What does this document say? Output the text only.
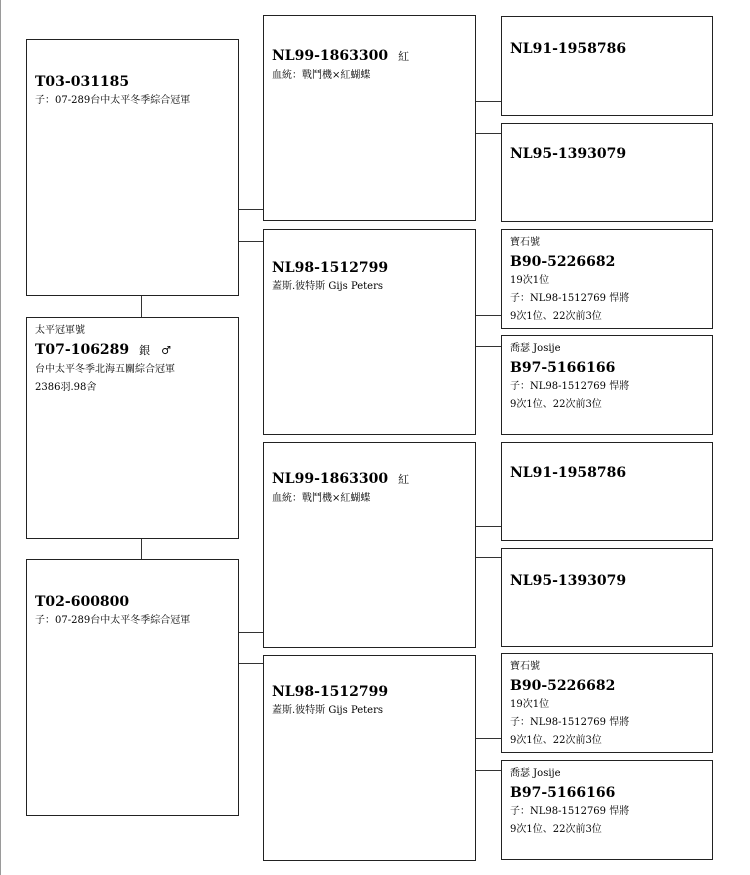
T03-031185
子：07-289台中太平冬季綜合冠軍
太平冠軍號
T07-106289 銀　♂
台中太平冬季北海五關綜合冠軍
2386羽.98舍
T02-600800
子：07-289台中太平冬季綜合冠軍
NL99-1863300 紅
血統：戰鬥機×紅蝴蝶
NL98-1512799
蓋斯.彼特斯 Gijs Peters
NL99-1863300 紅
血統：戰鬥機×紅蝴蝶
NL98-1512799
蓋斯.彼特斯 Gijs Peters
NL91-1958786
NL95-1393079
寶石號
B90-5226682
19次1位
子：NL98-1512769 悍將
9次1位、22次前3位
喬瑟 Josije
B97-5166166
子：NL98-1512769 悍將
9次1位、22次前3位
NL91-1958786
NL95-1393079
寶石號
B90-5226682
19次1位
子：NL98-1512769 悍將
9次1位、22次前3位
喬瑟 Josije
B97-5166166
子：NL98-1512769 悍將
9次1位、22次前3位
